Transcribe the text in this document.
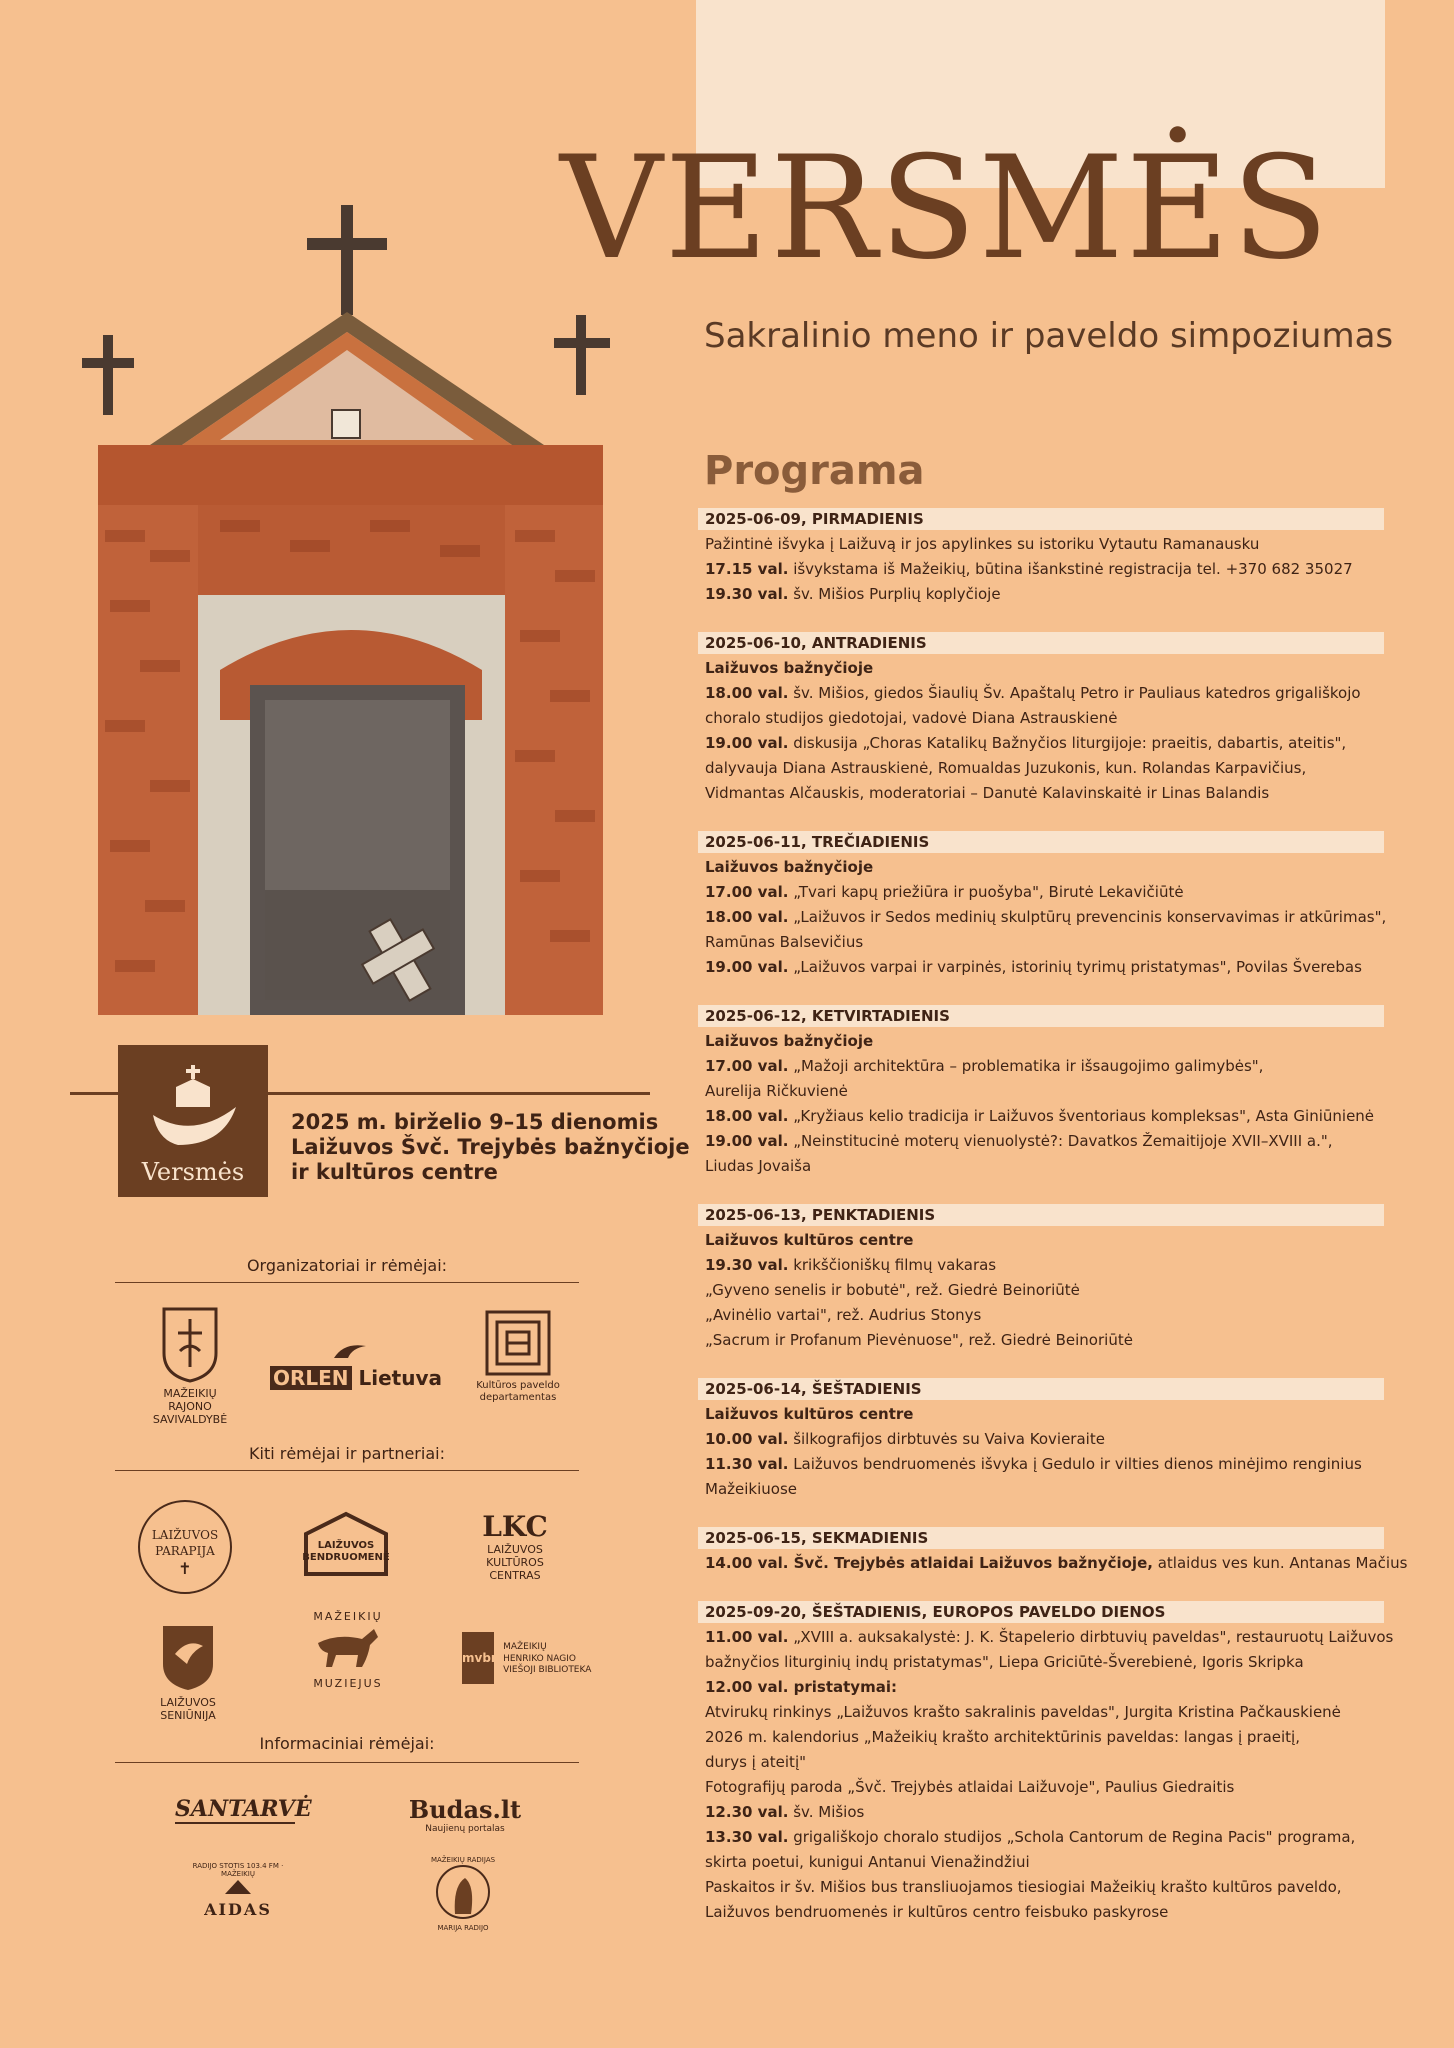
VERSMĖS
Sakralinio meno ir paveldo simpoziumas
Versmės
2025 m. birželio 9–15 dienomis
Laižuvos Švč. Trejybės bažnyčioje
ir kultūros centre
Organizatoriai ir rėmėjai:
MAŽEIKIŲ
RAJONO
SAVIVALDYBĖ
ORLEN Lietuva	Kultūros paveldo
departamentas
Kiti rėmėjai ir partneriai:
LAIŽUVOS
PARAPIJA
✝
LAIŽUVOS
BENDRUOMENĖ
LKC
LAIŽUVOS
KULTŪROS
CENTRAS
LAIŽUVOS
SENIŪNIJA
MAŽEIKIŲ
MUZIEJUS
mvbm MAŽEIKIŲ
HENRIKO NAGIO
VIEŠOJI BIBLIOTEKA
Informaciniai rėmėjai:
SANTARVĖ	Budas.lt
Naujienų portalas
RADIJO STOTIS 103.4 FM · MAŽEIKIŲ
AIDAS
MAŽEIKIŲ RADIJAS
MARIJA RADIJO
Programa
2025-06-09, PIRMADIENIS
Pažintinė išvyka į Laižuvą ir jos apylinkes su istoriku Vytautu Ramanausku
17.15 val. išvykstama iš Mažeikių, būtina išankstinė registracija tel. +370 682 35027
19.30 val. šv. Mišios Purplių koplyčioje
2025-06-10, ANTRADIENIS
Laižuvos bažnyčioje
18.00 val. šv. Mišios, giedos Šiaulių Šv. Apaštalų Petro ir Pauliaus katedros grigališkojo
choralo studijos giedotojai, vadovė Diana Astrauskienė
19.00 val. diskusija „Choras Katalikų Bažnyčios liturgijoje: praeitis, dabartis, ateitis",
dalyvauja Diana Astrauskienė, Romualdas Juzukonis, kun. Rolandas Karpavičius,
Vidmantas Alčauskis, moderatoriai – Danutė Kalavinskaitė ir Linas Balandis
2025-06-11, TREČIADIENIS
Laižuvos bažnyčioje
17.00 val. „Tvari kapų priežiūra ir puošyba", Birutė Lekavičiūtė
18.00 val. „Laižuvos ir Sedos medinių skulptūrų prevencinis konservavimas ir atkūrimas",
Ramūnas Balsevičius
19.00 val. „Laižuvos varpai ir varpinės, istorinių tyrimų pristatymas", Povilas Šverebas
2025-06-12, KETVIRTADIENIS
Laižuvos bažnyčioje
17.00 val. „Mažoji architektūra – problematika ir išsaugojimo galimybės",
Aurelija Ričkuvienė
18.00 val. „Kryžiaus kelio tradicija ir Laižuvos šventoriaus kompleksas", Asta Giniūnienė
19.00 val. „Neinstitucinė moterų vienuolystė?: Davatkos Žemaitijoje XVII–XVIII a.",
Liudas Jovaiša
2025-06-13, PENKTADIENIS
Laižuvos kultūros centre
19.30 val. krikščioniškų filmų vakaras
„Gyveno senelis ir bobutė", rež. Giedrė Beinoriūtė
„Avinėlio vartai", rež. Audrius Stonys
„Sacrum ir Profanum Pievėnuose", rež. Giedrė Beinoriūtė
2025-06-14, ŠEŠTADIENIS
Laižuvos kultūros centre
10.00 val. šilkografijos dirbtuvės su Vaiva Kovieraite
11.30 val. Laižuvos bendruomenės išvyka į Gedulo ir vilties dienos minėjimo renginius
Mažeikiuose
2025-06-15, SEKMADIENIS
14.00 val. Švč. Trejybės atlaidai Laižuvos bažnyčioje, atlaidus ves kun. Antanas Mačius
2025-09-20, ŠEŠTADIENIS, EUROPOS PAVELDO DIENOS
11.00 val. „XVIII a. auksakalystė: J. K. Štapelerio dirbtuvių paveldas", restauruotų Laižuvos
bažnyčios liturginių indų pristatymas", Liepa Griciūtė-Šverebienė, Igoris Skripka
12.00 val. pristatymai:
Atvirukų rinkinys „Laižuvos krašto sakralinis paveldas", Jurgita Kristina Pačkauskienė
2026 m. kalendorius „Mažeikių krašto architektūrinis paveldas: langas į praeitį,
durys į ateitį"
Fotografijų paroda „Švč. Trejybės atlaidai Laižuvoje", Paulius Giedraitis
12.30 val. šv. Mišios
13.30 val. grigališkojo choralo studijos „Schola Cantorum de Regina Pacis" programa,
skirta poetui, kunigui Antanui Vienažindžiui
Paskaitos ir šv. Mišios bus transliuojamos tiesiogiai Mažeikių krašto kultūros paveldo,
Laižuvos bendruomenės ir kultūros centro feisbuko paskyrose
